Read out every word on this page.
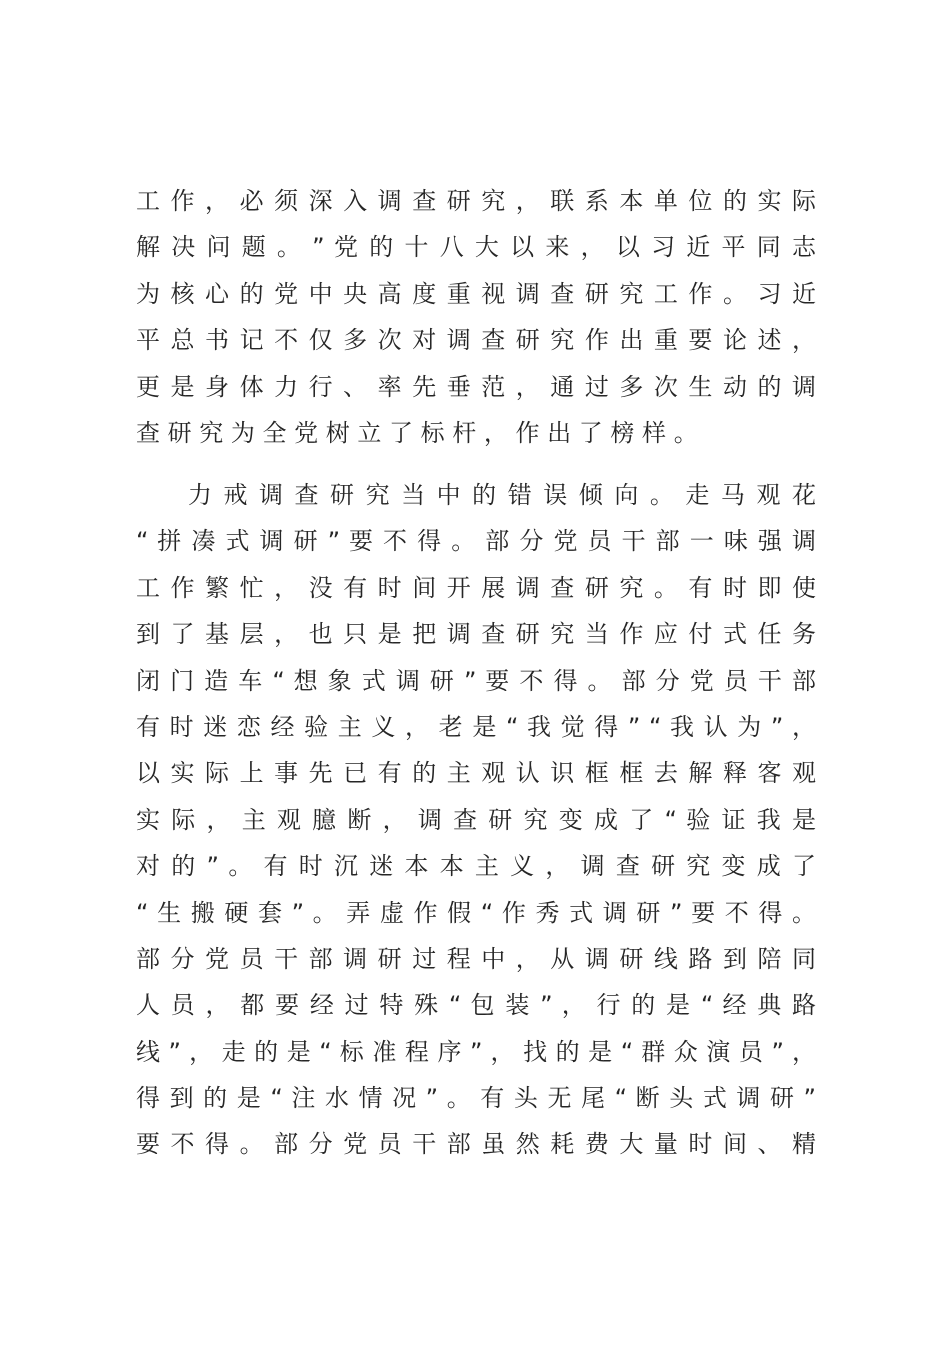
工 作 ， 必 须 深 入 调 查 研 究 ， 联 系 本 单 位 的 实 际
解 决 问 题 。 ” 党 的 十 八 大 以 来 ， 以 习 近 平 同 志
为 核 心 的 党 中 央 高 度 重 视 调 查 研 究 工 作 。 习 近
平 总 书 记 不 仅 多 次 对 调 查 研 究 作 出 重 要 论 述 ，
更 是 身 体 力 行 、 率 先 垂 范 ， 通 过 多 次 生 动 的 调
查 研 究 为 全 党 树 立 了 标 杆 ， 作 出 了 榜 样 。
　　力 戒 调 查 研 究 当 中 的 错 误 倾 向 。 走 马 观 花
“ 拼 凑 式 调 研 ” 要 不 得 。 部 分 党 员 干 部 一 味 强 调
工 作 繁 忙 ， 没 有 时 间 开 展 调 查 研 究 。 有 时 即 使
到 了 基 层 ， 也 只 是 把 调 查 研 究 当 作 应 付 式 任 务
闭 门 造 车 “ 想 象 式 调 研 ” 要 不 得 。 部 分 党 员 干 部
有 时 迷 恋 经 验 主 义 ， 老 是 “ 我 觉 得 ” “ 我 认 为 ” ，
以 实 际 上 事 先 已 有 的 主 观 认 识 框 框 去 解 释 客 观
实 际 ， 主 观 臆 断 ， 调 查 研 究 变 成 了 “ 验 证 我 是
对 的 ” 。 有 时 沉 迷 本 本 主 义 ， 调 查 研 究 变 成 了
“ 生 搬 硬 套 ” 。 弄 虚 作 假 “ 作 秀 式 调 研 ” 要 不 得 。
部 分 党 员 干 部 调 研 过 程 中 ， 从 调 研 线 路 到 陪 同
人 员 ， 都 要 经 过 特 殊 “ 包 装 ” ， 行 的 是 “ 经 典 路
线 ” ， 走 的 是 “ 标 准 程 序 ” ， 找 的 是 “ 群 众 演 员 ” ，
得 到 的 是 “ 注 水 情 况 ” 。 有 头 无 尾 “ 断 头 式 调 研 ”
要 不 得 。 部 分 党 员 干 部 虽 然 耗 费 大 量 时 间 、 精
